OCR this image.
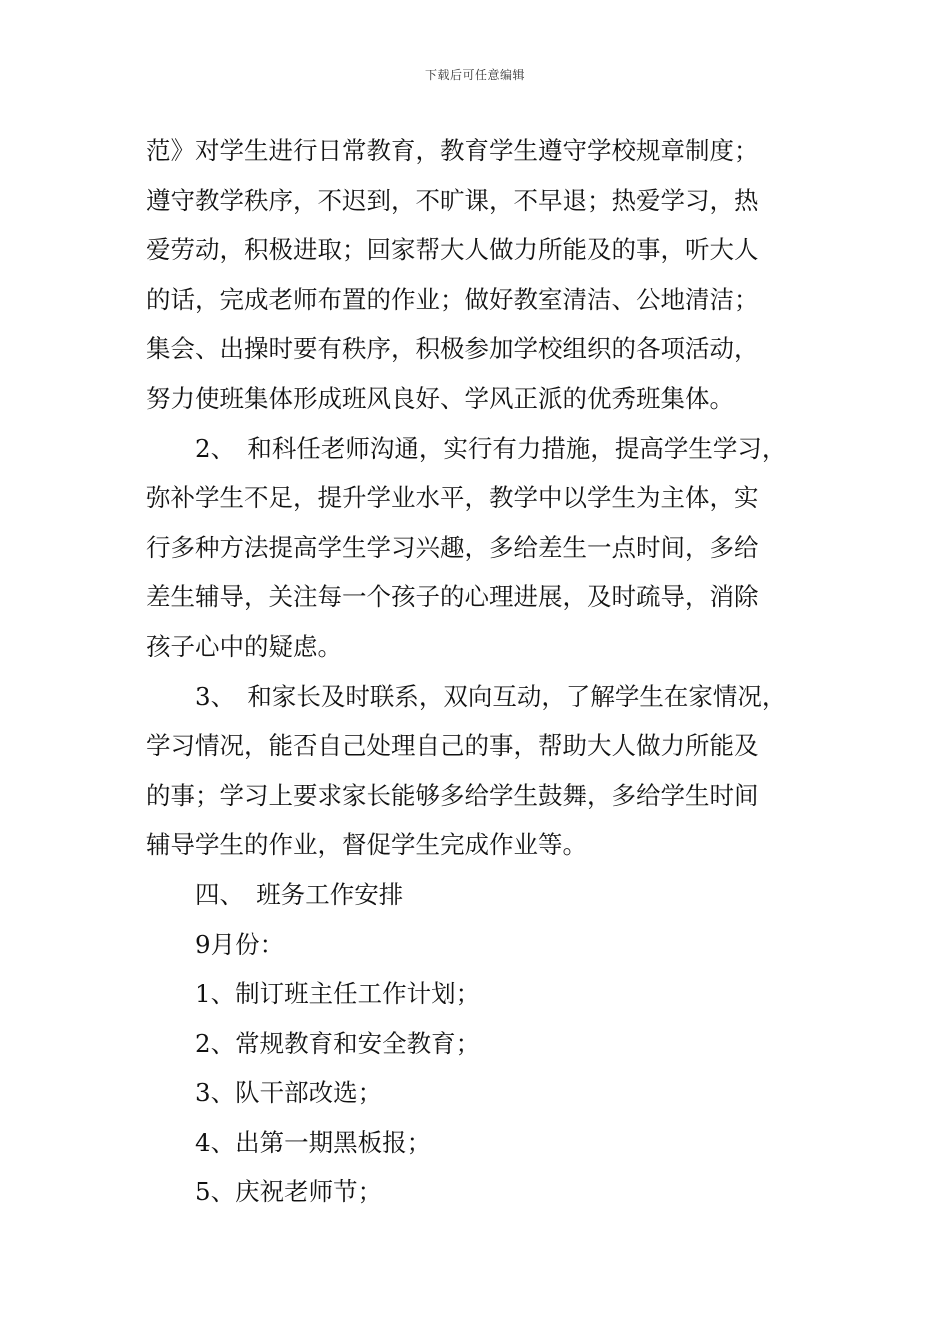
下载后可任意编辑
范》对学生进行日常教育，教育学生遵守学校规章制度；
遵守教学秩序，不迟到，不旷课，不早退；热爱学习，热
爱劳动，积极进取；回家帮大人做力所能及的事，听大人
的话，完成老师布置的作业；做好教室清洁、公地清洁；
集会、出操时要有秩序，积极参加学校组织的各项活动，
努力使班集体形成班风良好、学风正派的优秀班集体。
2、　和科任老师沟通，实行有力措施，提高学生学习，
弥补学生不足，提升学业水平，教学中以学生为主体，实
行多种方法提高学生学习兴趣，多给差生一点时间，多给
差生辅导，关注每一个孩子的心理进展，及时疏导，消除
孩子心中的疑虑。
3、　和家长及时联系，双向互动，了解学生在家情况，
学习情况，能否自己处理自己的事，帮助大人做力所能及
的事；学习上要求家长能够多给学生鼓舞，多给学生时间
辅导学生的作业，督促学生完成作业等。
四、　班务工作安排
9月份：
1、制订班主任工作计划；
2、常规教育和安全教育；
3、队干部改选；
4、出第一期黑板报；
5、庆祝老师节；
